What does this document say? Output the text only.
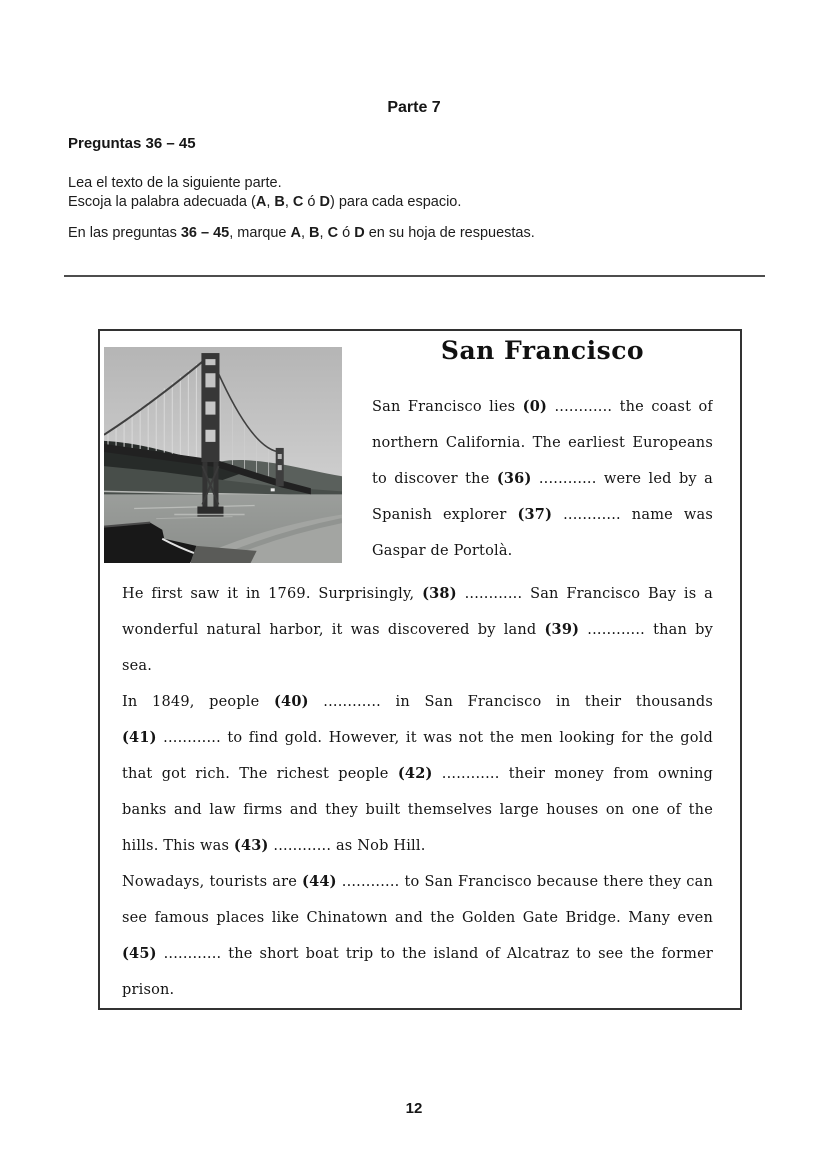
Parte 7
Preguntas 36 – 45
Lea el texto de la siguiente parte.
Escoja la palabra adecuada (A, B, C ó D) para cada espacio.
En las preguntas 36 – 45, marque A, B, C ó D en su hoja de respuestas.
San Francisco
San Francisco lies (0) ............ the coast of
northern California. The earliest Europeans
to discover the (36) ............ were led by a
Spanish explorer (37) ............ name was
Gaspar de Portolà.
He first saw it in 1769. Surprisingly, (38) ............ San Francisco Bay is a
wonderful natural harbor, it was discovered by land (39) ............ than by
sea.
In 1849, people (40) ............ in San Francisco in their thousands
(41) ............ to find gold. However, it was not the men looking for the gold
that got rich. The richest people (42) ............ their money from owning
banks and law firms and they built themselves large houses on one of the
hills. This was (43) ............ as Nob Hill.
Nowadays, tourists are (44) ............ to San Francisco because there they can
see famous places like Chinatown and the Golden Gate Bridge. Many even
(45) ............ the short boat trip to the island of Alcatraz to see the former
prison.
12
